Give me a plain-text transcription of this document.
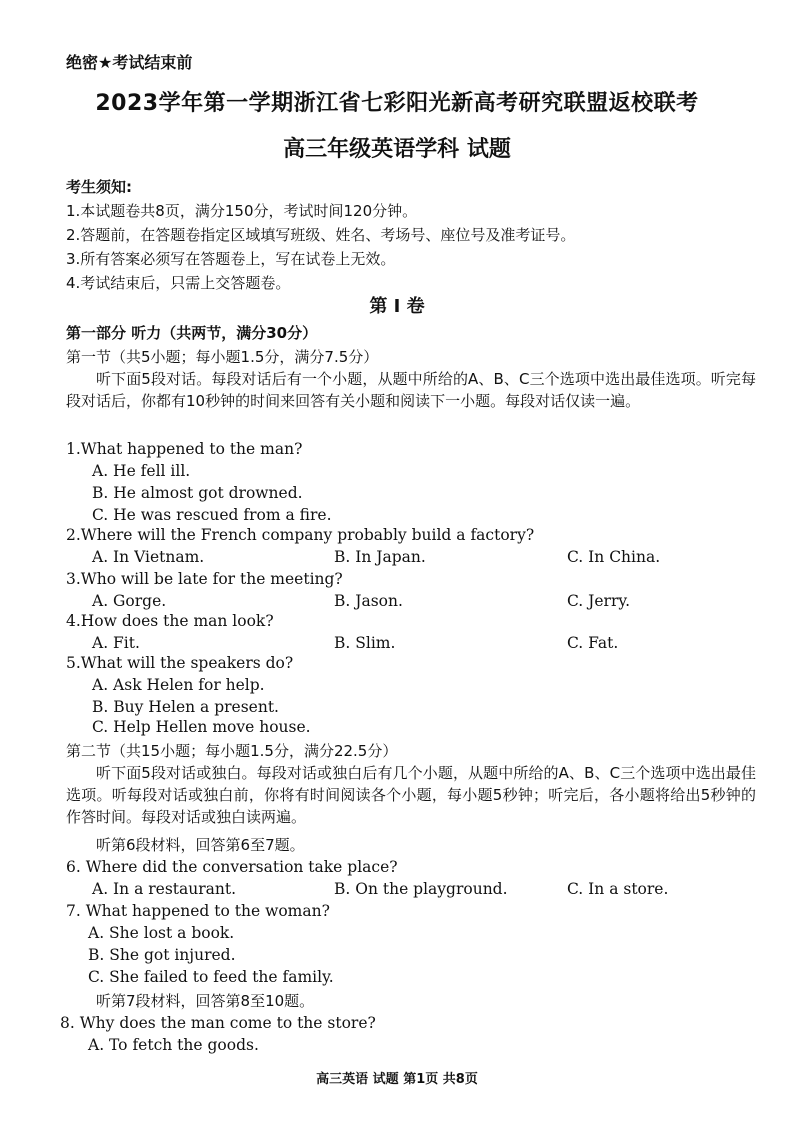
绝密★考试结束前
2023学年第一学期浙江省七彩阳光新高考研究联盟返校联考
高三年级英语学科 试题
考生须知:
1.本试题卷共8页，满分150分，考试时间120分钟。
2.答题前，在答题卷指定区域填写班级、姓名、考场号、座位号及准考证号。
3.所有答案必须写在答题卷上，写在试卷上无效。
4.考试结束后，只需上交答题卷。
第 I 卷
第一部分 听力（共两节，满分30分）
第一节（共5小题；每小题1.5分，满分7.5分）
听下面5段对话。每段对话后有一个小题，从题中所给的A、B、C三个选项中选出最佳选项。听完每段对话后，你都有10秒钟的时间来回答有关小题和阅读下一小题。每段对话仅读一遍。
1.What happened to the man?
A. He fell ill.
B. He almost got drowned.
C. He was rescued from a fire.
2.Where will the French company probably build a factory?
A. In Vietnam.	B. In Japan.	C. In China.
3.Who will be late for the meeting?
A. Gorge.	B. Jason.	C. Jerry.
4.How does the man look?
A. Fit.	B. Slim.	C. Fat.
5.What will the speakers do?
A. Ask Helen for help.
B. Buy Helen a present.
C. Help Hellen move house.
第二节（共15小题；每小题1.5分，满分22.5分）
听下面5段对话或独白。每段对话或独白后有几个小题，从题中所给的A、B、C三个选项中选出最佳选项。听每段对话或独白前，你将有时间阅读各个小题，每小题5秒钟；听完后，各小题将给出5秒钟的作答时间。每段对话或独白读两遍。
听第6段材料，回答第6至7题。
6. Where did the conversation take place?
A. In a restaurant.	B. On the playground.	C. In a store.
7. What happened to the woman?
A. She lost a book.
B. She got injured.
C. She failed to feed the family.
听第7段材料，回答第8至10题。
8. Why does the man come to the store?
A. To fetch the goods.
高三英语 试题 第1页 共8页
